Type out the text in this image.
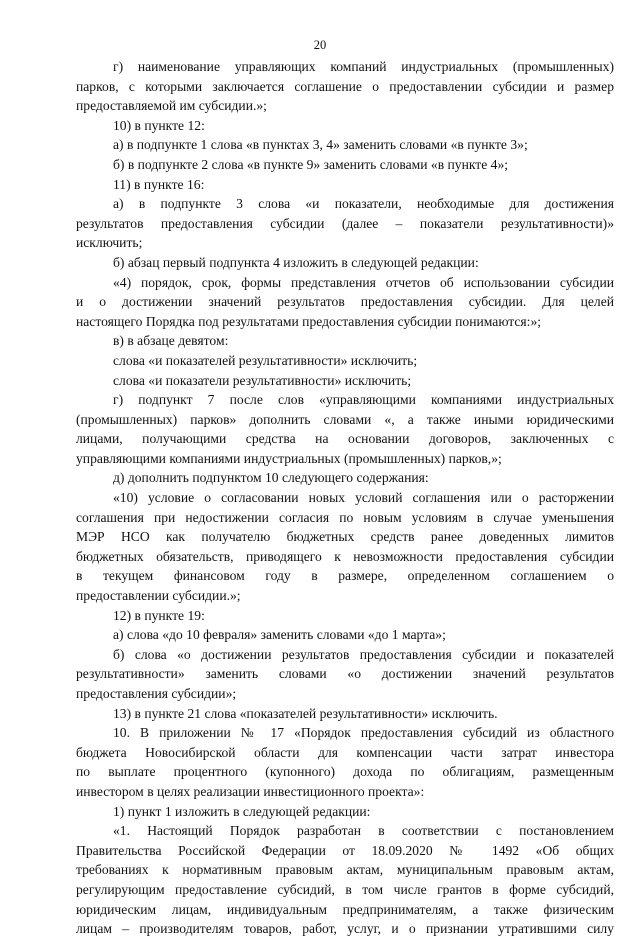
20
г) наименование управляющих компаний индустриальных (промышленных)
парков, с которыми заключается соглашение о предоставлении субсидии и размер
предоставляемой им субсидии.»;
10) в пункте 12:
а) в подпункте 1 слова «в пунктах 3, 4» заменить словами «в пункте 3»;
б) в подпункте 2 слова «в пункте 9» заменить словами «в пункте 4»;
11) в пункте 16:
а) в подпункте 3 слова «и показатели, необходимые для достижения
результатов предоставления субсидии (далее – показатели результативности)»
исключить;
б) абзац первый подпункта 4 изложить в следующей редакции:
«4) порядок, срок, формы представления отчетов об использовании субсидии
и о достижении значений результатов предоставления субсидии. Для целей
настоящего Порядка под результатами предоставления субсидии понимаются:»;
в) в абзаце девятом:
слова «и показателей результативности» исключить;
слова «и показатели результативности» исключить;
г) подпункт 7 после слов «управляющими компаниями индустриальных
(промышленных) парков» дополнить словами «, а также иными юридическими
лицами, получающими средства на основании договоров, заключенных с
управляющими компаниями индустриальных (промышленных) парков,»;
д) дополнить подпунктом 10 следующего содержания:
«10) условие о согласовании новых условий соглашения или о расторжении
соглашения при недостижении согласия по новым условиям в случае уменьшения
МЭР НСО как получателю бюджетных средств ранее доведенных лимитов
бюджетных обязательств, приводящего к невозможности предоставления субсидии
в текущем финансовом году в размере, определенном соглашением о
предоставлении субсидии.»;
12) в пункте 19:
а) слова «до 10 февраля» заменить словами «до 1 марта»;
б) слова «о достижении результатов предоставления субсидии и показателей
результативности» заменить словами «о достижении значений результатов
предоставления субсидии»;
13) в пункте 21 слова «показателей результативности» исключить.
10. В приложении № 17 «Порядок предоставления субсидий из областного
бюджета Новосибирской области для компенсации части затрат инвестора
по выплате процентного (купонного) дохода по облигациям, размещенным
инвестором в целях реализации инвестиционного проекта»:
1) пункт 1 изложить в следующей редакции:
«1. Настоящий Порядок разработан в соответствии с постановлением
Правительства Российской Федерации от 18.09.2020 № 1492 «Об общих
требованиях к нормативным правовым актам, муниципальным правовым актам,
регулирующим предоставление субсидий, в том числе грантов в форме субсидий,
юридическим лицам, индивидуальным предпринимателям, а также физическим
лицам – производителям товаров, работ, услуг, и о признании утратившими силу
